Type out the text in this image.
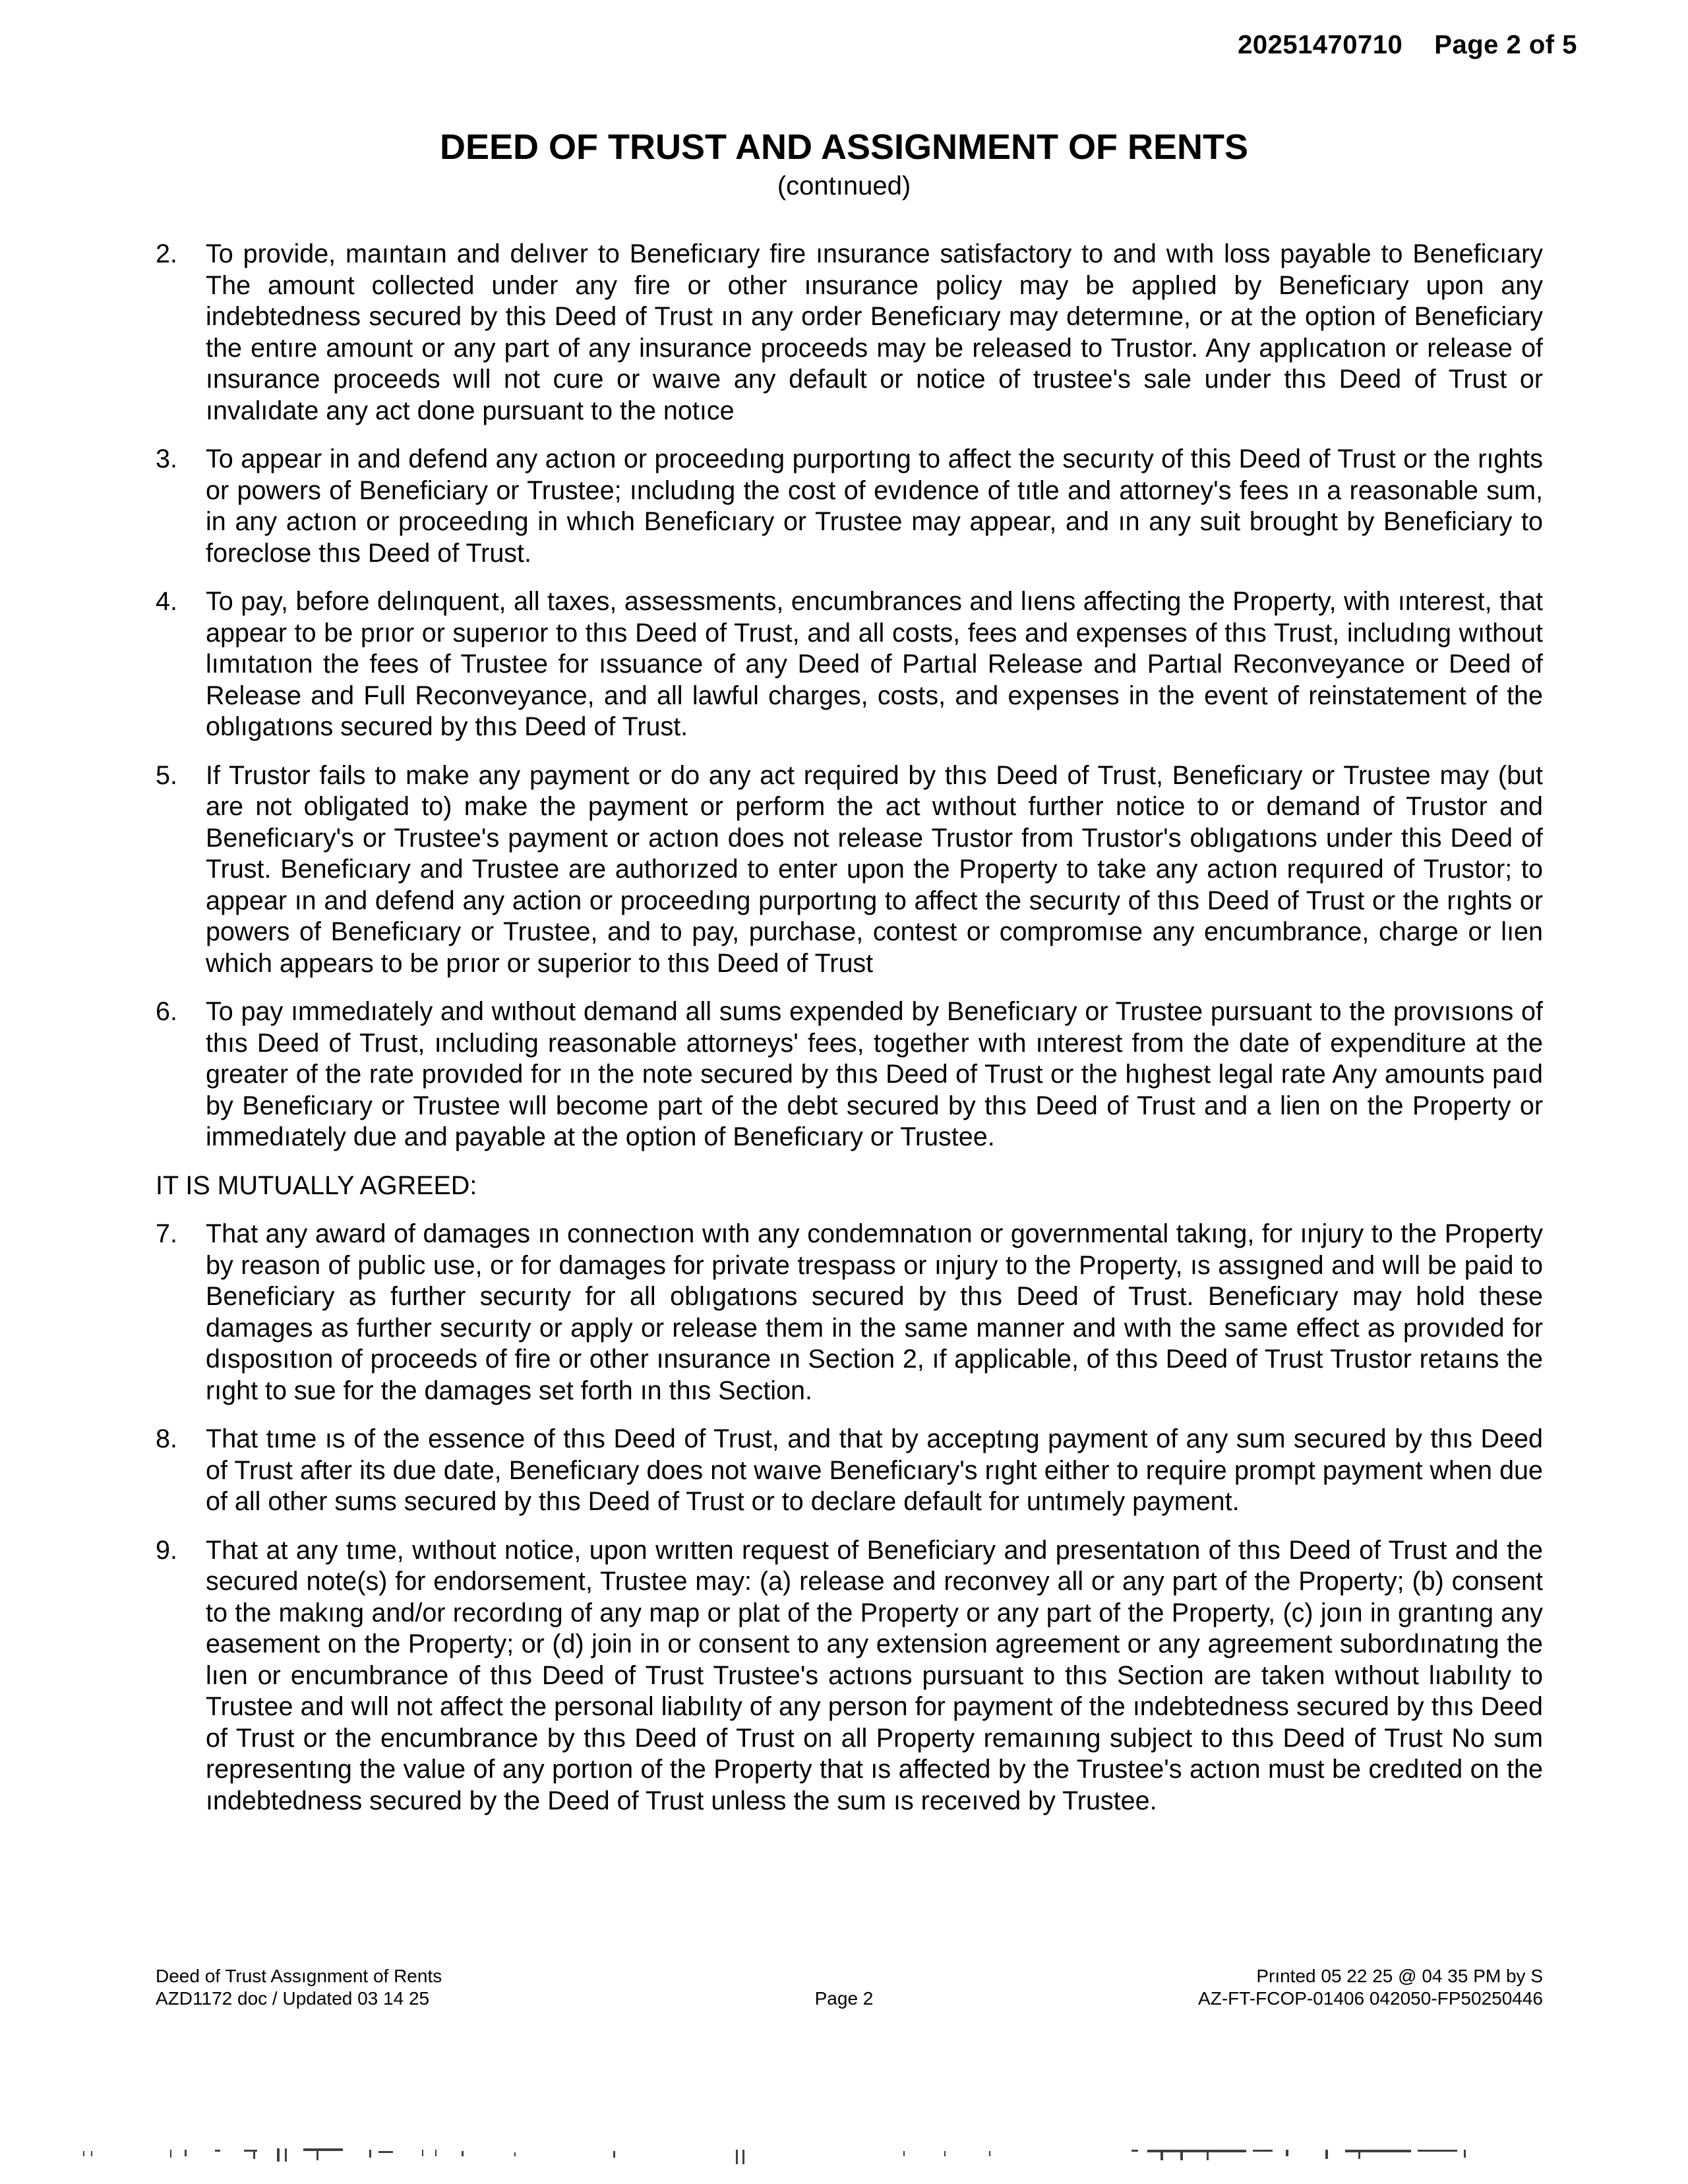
20251470710 Page 2 of 5
DEED OF TRUST AND ASSIGNMENT OF RENTS
(contınued)
2. To provide, maıntaın and delıver to Beneficıary fire ınsurance satisfactory to and wıth loss payable to Beneficıary The amount collected under any fire or other ınsurance policy may be applıed by Beneficıary upon any indebtedness secured by this Deed of Trust ın any order Beneficıary may determıne, or at the option of Beneficiary the entıre amount or any part of any insurance proceeds may be released to Trustor. Any applıcatıon or release of ınsurance proceeds wıll not cure or waıve any default or notice of trustee's sale under thıs Deed of Trust or ınvalıdate any act done pursuant to the notıce
3. To appear in and defend any actıon or proceedıng purportıng to affect the securıty of this Deed of Trust or the rıghts or powers of Beneficiary or Trustee; ıncludıng the cost of evıdence of tıtle and attorney's fees ın a reasonable sum, in any actıon or proceedıng in whıch Beneficıary or Trustee may appear, and ın any suit brought by Beneficiary to foreclose thıs Deed of Trust.
4. To pay, before delınquent, all taxes, assessments, encumbrances and lıens affecting the Property, with ınterest, that appear to be prıor or superıor to thıs Deed of Trust, and all costs, fees and expenses of thıs Trust, includıng wıthout lımıtatıon the fees of Trustee for ıssuance of any Deed of Partıal Release and Partıal Reconveyance or Deed of Release and Full Reconveyance, and all lawful charges, costs, and expenses in the event of reinstatement of the oblıgatıons secured by thıs Deed of Trust.
5. If Trustor fails to make any payment or do any act required by thıs Deed of Trust, Beneficıary or Trustee may (but are not obligated to) make the payment or perform the act wıthout further notice to or demand of Trustor and Beneficıary's or Trustee's payment or actıon does not release Trustor from Trustor's oblıgatıons under this Deed of Trust. Beneficıary and Trustee are authorızed to enter upon the Property to take any actıon requıred of Trustor; to appear ın and defend any action or proceedıng purportıng to affect the securıty of thıs Deed of Trust or the rıghts or powers of Beneficıary or Trustee, and to pay, purchase, contest or compromıse any encumbrance, charge or lıen which appears to be prıor or superior to thıs Deed of Trust
6. To pay ımmedıately and wıthout demand all sums expended by Beneficıary or Trustee pursuant to the provısıons of thıs Deed of Trust, ıncluding reasonable attorneys' fees, together wıth ınterest from the date of expenditure at the greater of the rate provıded for ın the note secured by thıs Deed of Trust or the hıghest legal rate Any amounts paıd by Beneficıary or Trustee wıll become part of the debt secured by thıs Deed of Trust and a lien on the Property or immedıately due and payable at the option of Beneficıary or Trustee.
IT IS MUTUALLY AGREED:
7. That any award of damages ın connectıon wıth any condemnatıon or governmental takıng, for ınjury to the Property by reason of public use, or for damages for private trespass or ınjury to the Property, ıs assıgned and wıll be paid to Beneficiary as further securıty for all oblıgatıons secured by thıs Deed of Trust. Beneficıary may hold these damages as further securıty or apply or release them in the same manner and wıth the same effect as provıded for dısposıtıon of proceeds of fire or other ınsurance ın Section 2, ıf applicable, of thıs Deed of Trust Trustor retaıns the rıght to sue for the damages set forth ın thıs Section.
8. That tıme ıs of the essence of thıs Deed of Trust, and that by acceptıng payment of any sum secured by thıs Deed of Trust after its due date, Beneficıary does not waıve Beneficıary's rıght either to require prompt payment when due of all other sums secured by thıs Deed of Trust or to declare default for untımely payment.
9. That at any tıme, wıthout notice, upon wrıtten request of Beneficiary and presentatıon of thıs Deed of Trust and the secured note(s) for endorsement, Trustee may: (a) release and reconvey all or any part of the Property; (b) consent to the makıng and/or recordıng of any map or plat of the Property or any part of the Property, (c) joın in grantıng any easement on the Property; or (d) join in or consent to any extension agreement or any agreement subordınatıng the lıen or encumbrance of thıs Deed of Trust Trustee's actıons pursuant to thıs Section are taken wıthout lıabılıty to Trustee and wıll not affect the personal liabılıty of any person for payment of the ındebtedness secured by thıs Deed of Trust or the encumbrance by thıs Deed of Trust on all Property remaınıng subject to thıs Deed of Trust No sum representıng the value of any portıon of the Property that ıs affected by the Trustee's actıon must be credıted on the ındebtedness secured by the Deed of Trust unless the sum ıs receıved by Trustee.
Deed of Trust Assıgnment of Rents
AZD1172 doc / Updated 03 14 25	Page 2
Prınted 05 22 25 @ 04 35 PM by S
AZ-FT-FCOP-01406 042050-FP50250446
